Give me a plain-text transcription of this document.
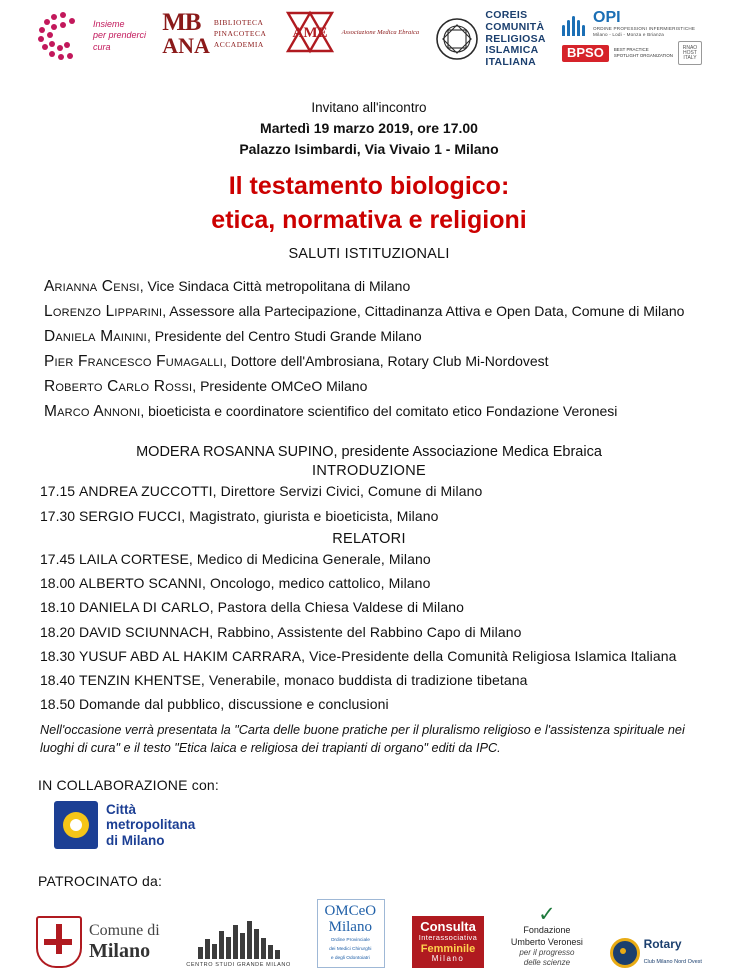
Insieme
per prenderci
cura
MB
ANA
BIBLIOTECA
PINACOTECA
ACCADEMIA
AME Associazione Medica Ebraica
COREIS
COMUNITÀ
RELIGIOSA
ISLAMICA
ITALIANA
OPI
ORDINE PROFESSIONI INFERMIERISTICHE
Milano - Lodi - Monza e Brianza
BPSO	BEST PRACTICE
SPOTLIGHT ORGANIZATION
RNAO HOST ITALY
Invitano all'incontro
Martedì 19 marzo 2019, ore 17.00
Palazzo Isimbardi, Via Vivaio 1 - Milano
Il testamento biologico:
etica, normativa e religioni
SALUTI ISTITUZIONALI
Arianna Censi, Vice Sindaca Città metropolitana di Milano
Lorenzo Lipparini, Assessore alla Partecipazione, Cittadinanza Attiva e Open Data, Comune di Milano
Daniela Mainini, Presidente del Centro Studi Grande Milano
Pier Francesco Fumagalli, Dottore dell'Ambrosiana, Rotary Club Mi-Nordovest
Roberto Carlo Rossi, Presidente OMCeO Milano
Marco Annoni, bioeticista e coordinatore scientifico del comitato etico Fondazione Veronesi
MODERA ROSANNA SUPINO, presidente Associazione Medica Ebraica
INTRODUZIONE
17.15 ANDREA ZUCCOTTI, Direttore Servizi Civici, Comune di Milano
17.30 SERGIO FUCCI, Magistrato, giurista e bioeticista, Milano
RELATORI
17.45 LAILA CORTESE, Medico di Medicina Generale, Milano
18.00 ALBERTO SCANNI, Oncologo, medico cattolico, Milano
18.10 DANIELA DI CARLO, Pastora della Chiesa Valdese di Milano
18.20 DAVID SCIUNNACH, Rabbino, Assistente del Rabbino Capo di Milano
18.30 YUSUF ABD AL HAKIM CARRARA, Vice-Presidente della Comunità Religiosa Islamica Italiana
18.40 TENZIN KHENTSE, Venerabile, monaco buddista di tradizione tibetana
18.50 Domande dal pubblico, discussione e conclusioni
Nell'occasione verrà presentata la "Carta delle buone pratiche per il pluralismo religioso e l'assistenza spirituale nei luoghi di cura" e il testo "Etica laica e religiosa dei trapianti di organo" editi da IPC.
IN COLLABORAZIONE con:
Città
metropolitana
di Milano
PATROCINATO da:
Comune di
Milano
CENTRO STUDI GRANDE MILANO
OMCeO
Milano
Ordine Provinciale
dei Medici Chirurghi
e degli Odontoiatri
Consulta
Interassociativa
Femminile
Milano
✓
Fondazione
Umberto Veronesi
per il progresso
delle scienze
Rotary
Club Milano Nord Ovest
